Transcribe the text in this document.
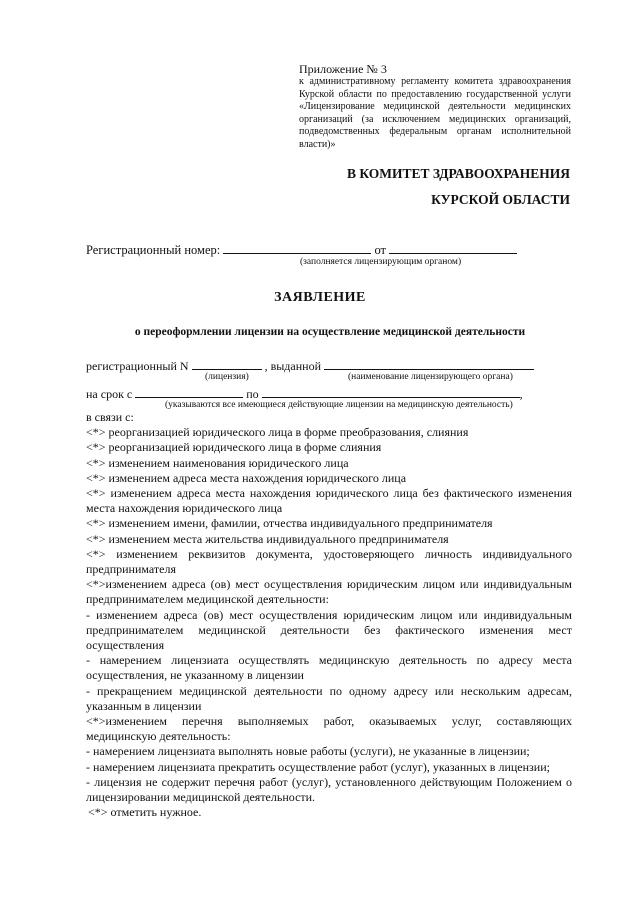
Приложение № 3
к административному регламенту комитета здравоохранения Курской области по предоставлению государственной услуги «Лицензирование медицинской деятельности медицинских организаций (за исключением медицинских организаций, подведомственных федеральным органам исполнительной власти)»
В КОМИТЕТ ЗДРАВООХРАНЕНИЯ
КУРСКОЙ ОБЛАСТИ
Регистрационный номер:	от
(заполняется лицензирующим органом)
ЗАЯВЛЕНИЕ
о переоформлении лицензии на осуществление медицинской деятельности
регистрационный N	, выданной
(лицензия)	(наименование лицензирующего органа)
на срок с	по	,
(указываются все имеющиеся действующие лицензии на медицинскую деятельность)

в связи с:

<*> реорганизацией юридического лица в форме преобразования, слияния

<*> реорганизацией юридического лица в форме слияния

<*> изменением наименования юридического лица

<*> изменением адреса места нахождения юридического лица

<*> изменением адреса места нахождения юридического лица без фактического изменения места нахождения юридического лица

<*> изменением имени, фамилии, отчества индивидуального предпринимателя

<*> изменением места жительства индивидуального предпринимателя

<*> изменением реквизитов документа, удостоверяющего личность индивидуального предпринимателя

<*>изменением адреса (ов) мест осуществления юридическим лицом или индивидуальным предпринимателем медицинской деятельности:

- изменением адреса (ов) мест осуществления юридическим лицом или индивидуальным предпринимателем медицинской деятельности без фактического изменения мест осуществления

- намерением лицензиата осуществлять медицинскую деятельность по адресу места осуществления, не указанному в лицензии

- прекращением медицинской деятельности по одному адресу или нескольким адресам, указанным в лицензии

<*>изменением перечня выполняемых работ, оказываемых услуг, составляющих медицинскую деятельность:

- намерением лицензиата выполнять новые работы (услуги), не указанные в лицензии;

- намерением лицензиата прекратить осуществление работ (услуг), указанных в лицензии;

- лицензия не содержит перечня работ (услуг), установленного действующим Положением о лицензировании медицинской деятельности.

<*> отметить нужное.
